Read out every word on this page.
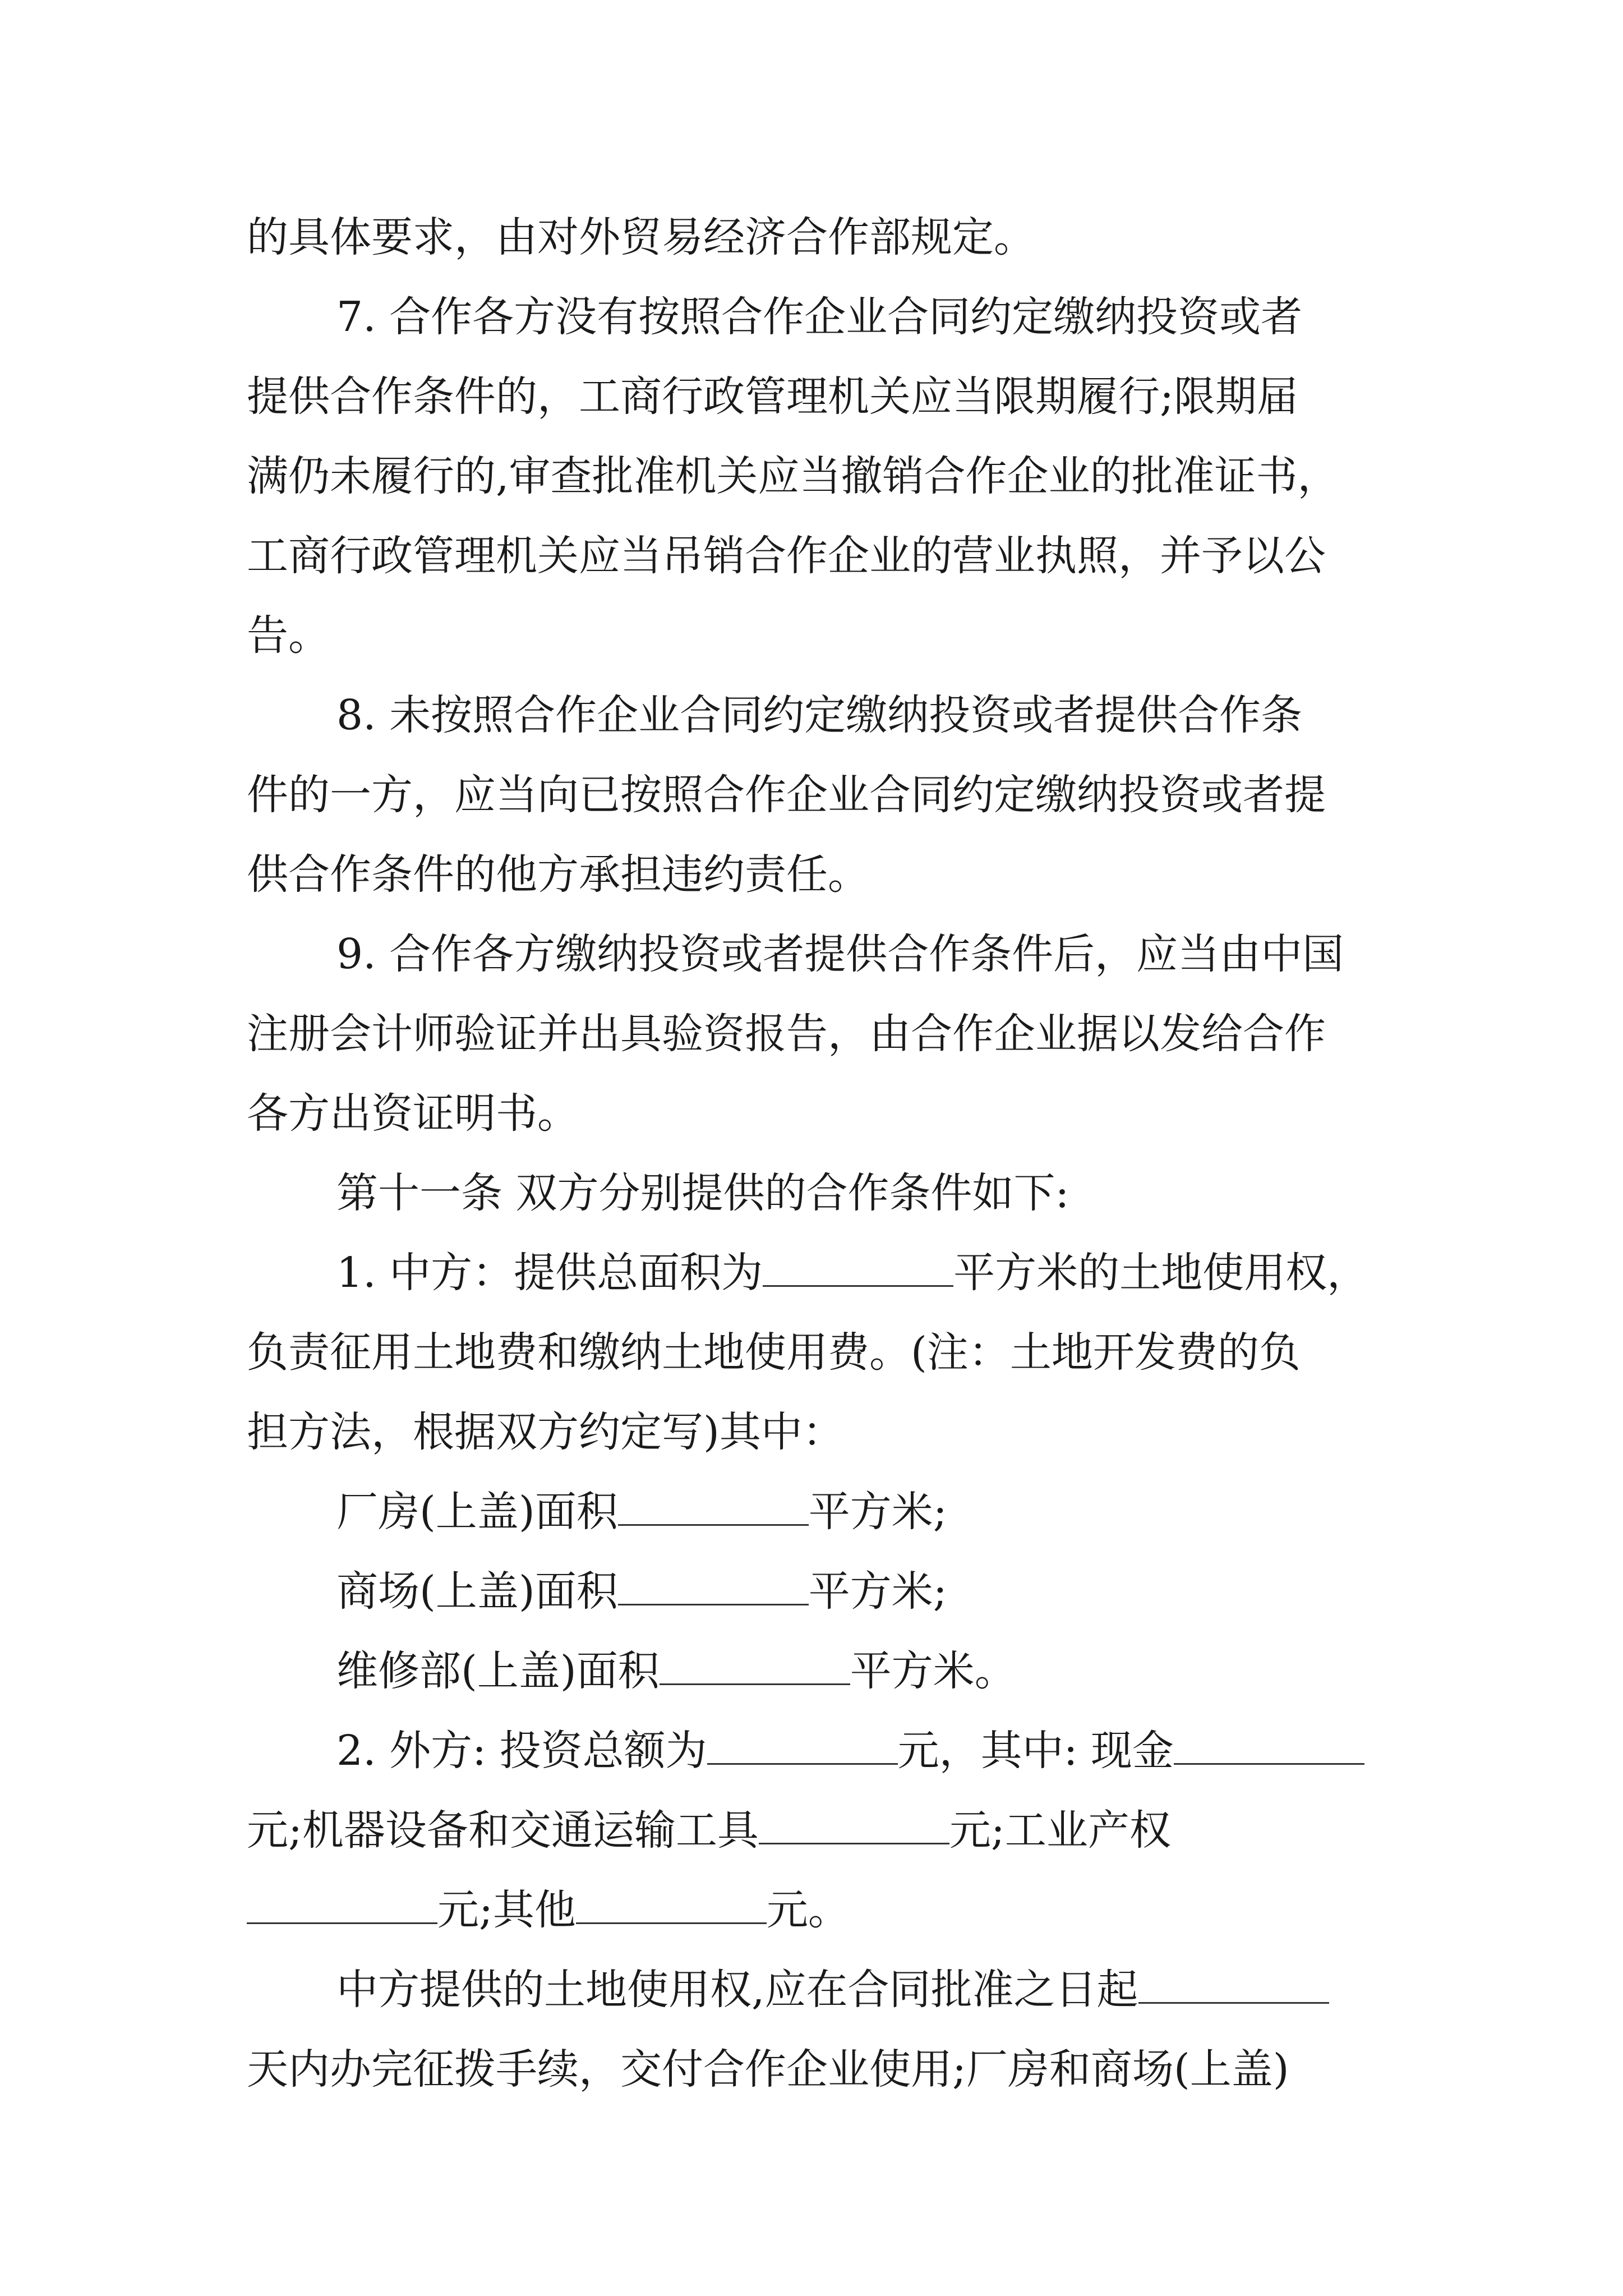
的具体要求，由对外贸易经济合作部规定。
7. 合作各方没有按照合作企业合同约定缴纳投资或者
提供合作条件的，工商行政管理机关应当限期履行;限期届
满仍未履行的,审查批准机关应当撤销合作企业的批准证书，
工商行政管理机关应当吊销合作企业的营业执照，并予以公
告。
8. 未按照合作企业合同约定缴纳投资或者提供合作条
件的一方，应当向已按照合作企业合同约定缴纳投资或者提
供合作条件的他方承担违约责任。
9. 合作各方缴纳投资或者提供合作条件后，应当由中国
注册会计师验证并出具验资报告，由合作企业据以发给合作
各方出资证明书。
第十一条 双方分别提供的合作条件如下:
1. 中方：提供总面积为	平方米的土地使用权，
负责征用土地费和缴纳土地使用费。(注：土地开发费的负
担方法，根据双方约定写)其中：
厂房(上盖)面积	平方米;
商场(上盖)面积	平方米;
维修部(上盖)面积	平方米。
2. 外方: 投资总额为	元，其中: 现金
元;机器设备和交通运输工具	元;工业产权
元;其他	元。
中方提供的土地使用权,应在合同批准之日起
天内办完征拨手续，交付合作企业使用;厂房和商场(上盖)
